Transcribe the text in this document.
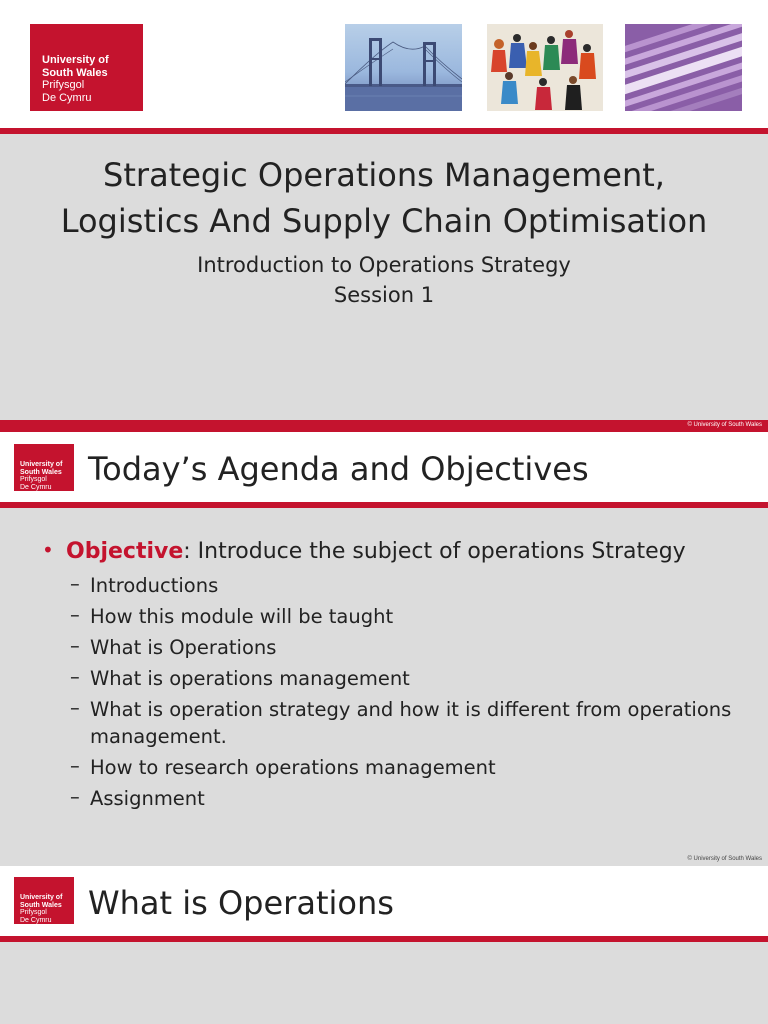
University of
South Wales
Prifysgol
De Cymru
Strategic Operations Management,
Logistics And Supply Chain Optimisation
Introduction to Operations Strategy
Session 1
© University of South Wales
University of
South Wales
Prifysgol
De Cymru	Today’s Agenda and Objectives
• Objective: Introduce the subject of operations Strategy
– Introductions
– How this module will be taught
– What is Operations
– What is operations management
– What is operation strategy and how it is different from operations management.
– How to research operations management
– Assignment
© University of South Wales
University of
South Wales
Prifysgol
De Cymru	What is Operations
